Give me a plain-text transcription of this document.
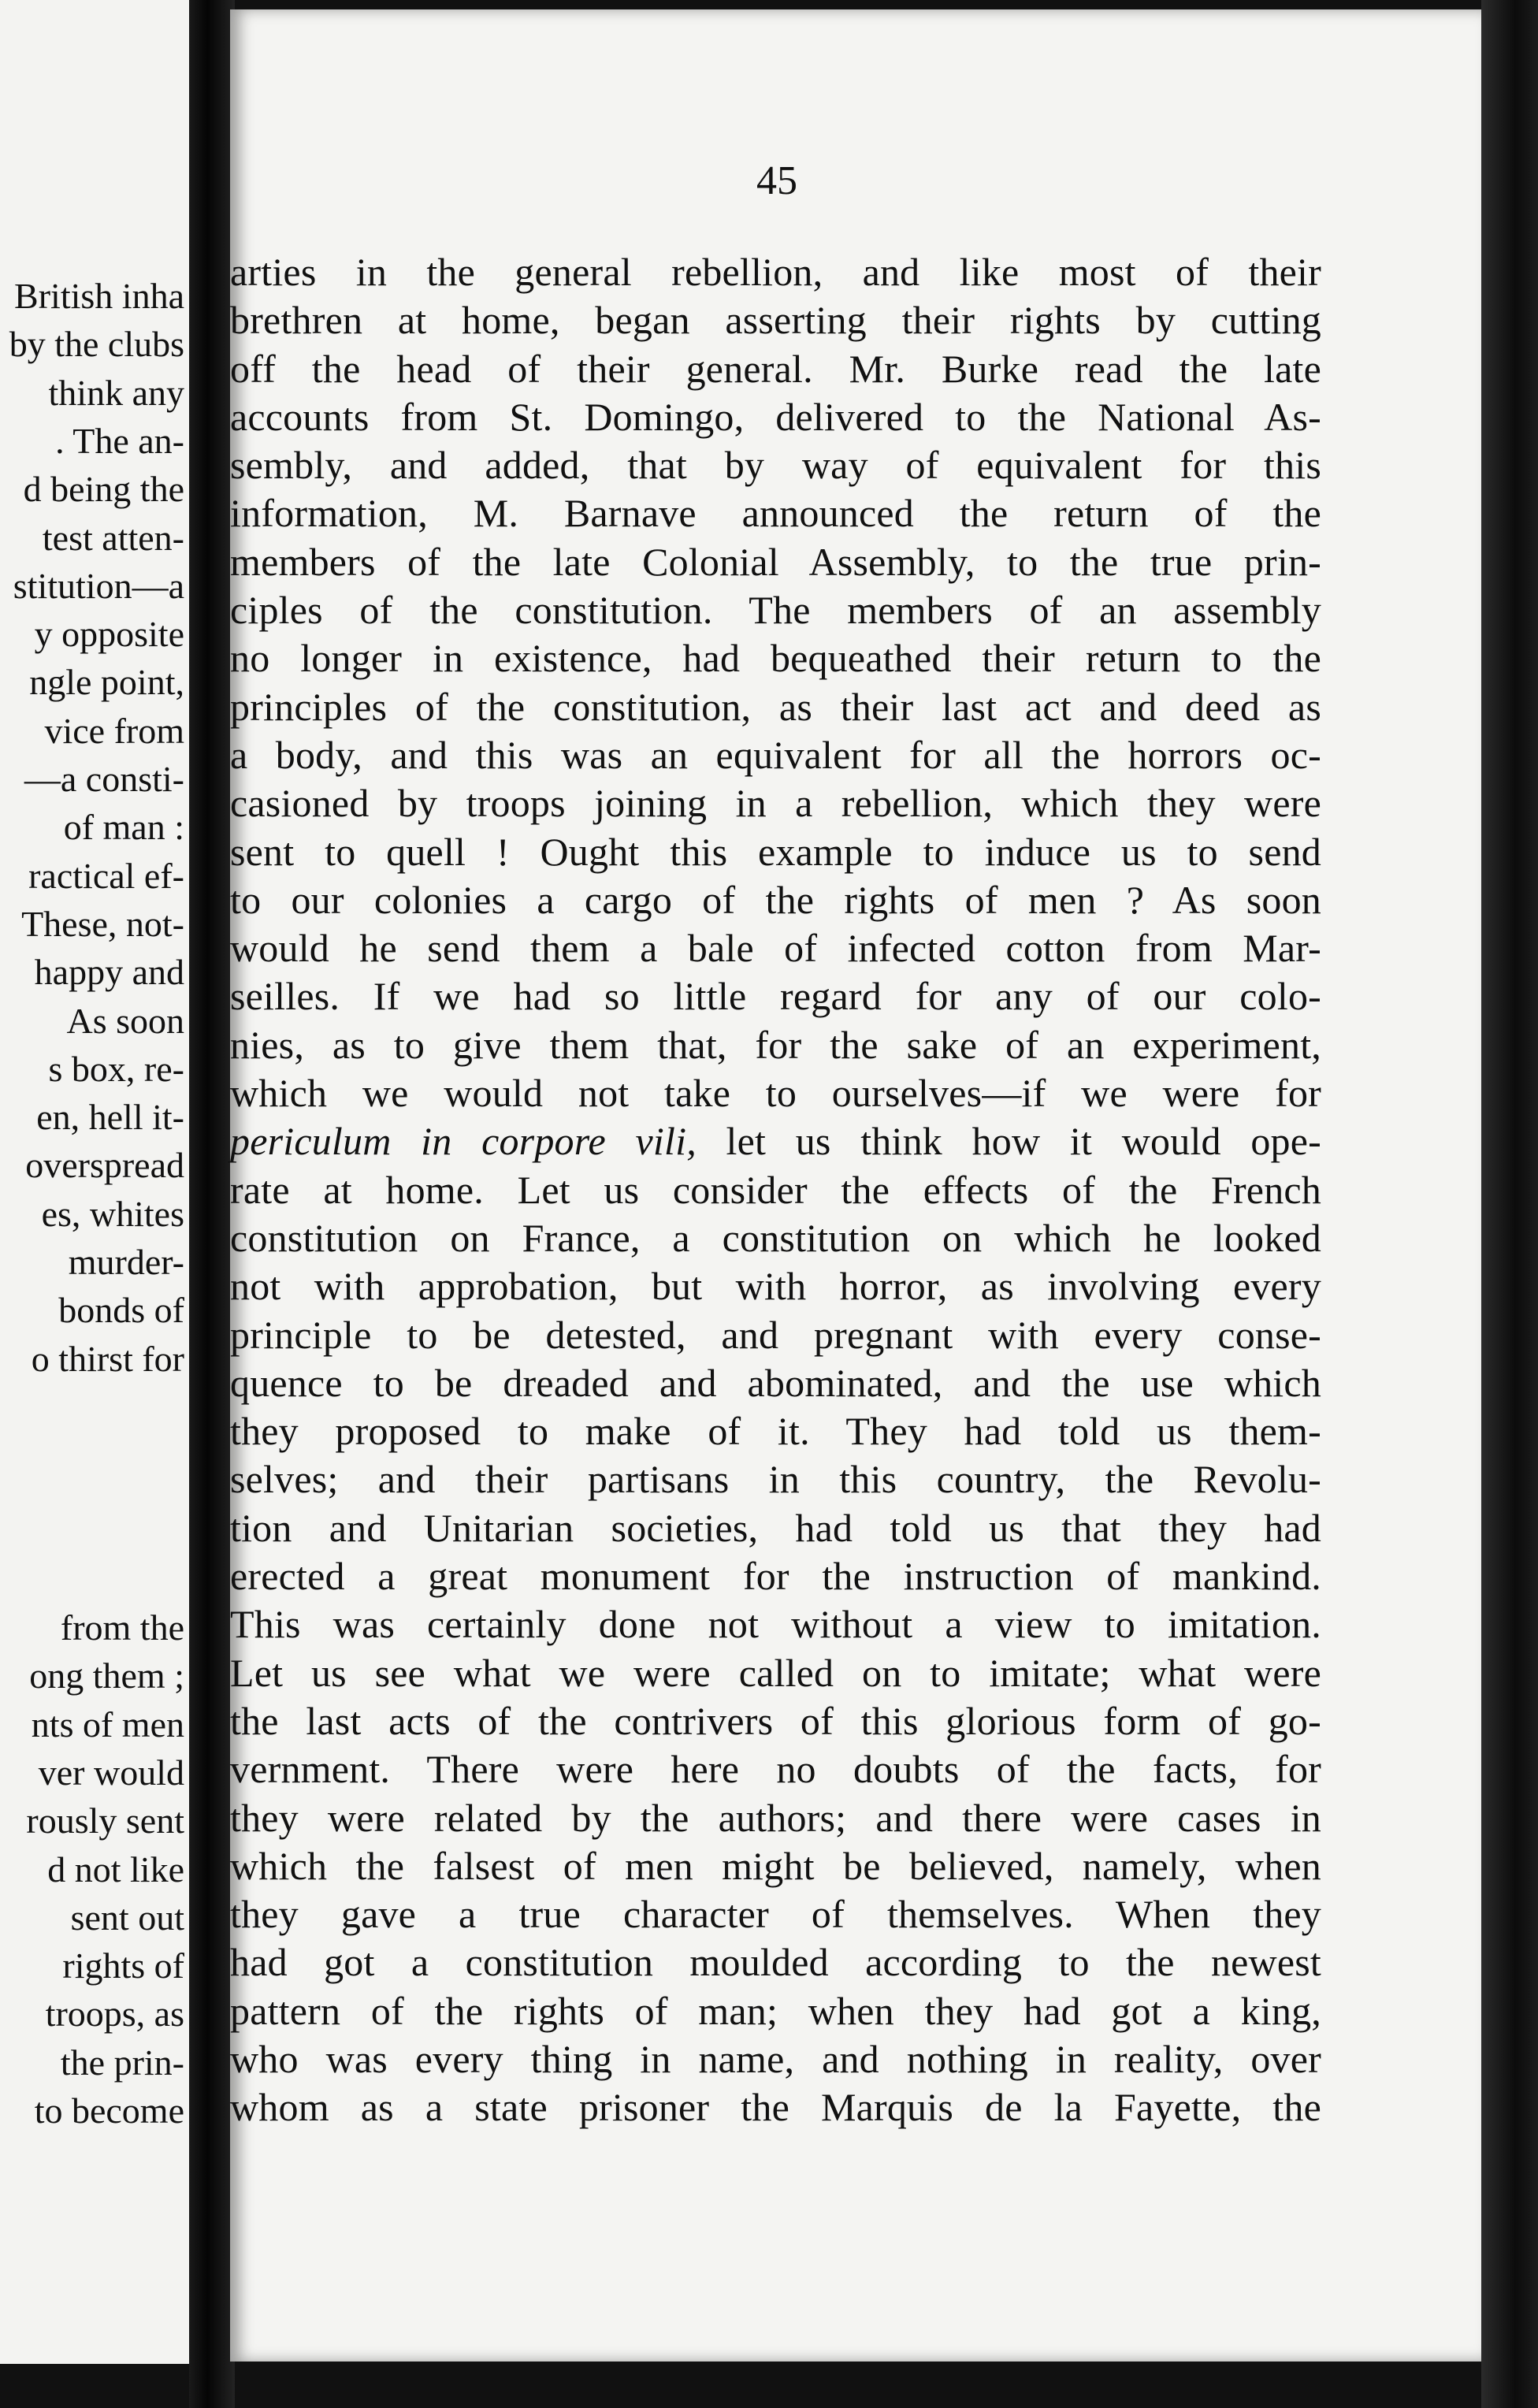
British inha
by the clubs
think any
. The an-
d being the
test atten-
stitution—a
y opposite
ngle point,
vice from
—a consti-
of man :
ractical ef-
These, not-
happy and
As soon
s box, re-
en, hell it-
overspread
es, whites
murder-
bonds of
o thirst for
from the
ong them ;
nts of men
ver would
rously sent
d not like
sent out
rights of
troops, as
the prin-
to become
45
arties in the general rebellion, and like most of their
brethren at home, began asserting their rights by cutting
off the head of their general. Mr. Burke read the late
accounts from St. Domingo, delivered to the National As-
sembly, and added, that by way of equivalent for this
information, M. Barnave announced the return of the
members of the late Colonial Assembly, to the true prin-
ciples of the constitution. The members of an assembly
no longer in existence, had bequeathed their return to the
principles of the constitution, as their last act and deed as
a body, and this was an equivalent for all the horrors oc-
casioned by troops joining in a rebellion, which they were
sent to quell ! Ought this example to induce us to send
to our colonies a cargo of the rights of men ? As soon
would he send them a bale of infected cotton from Mar-
seilles. If we had so little regard for any of our colo-
nies, as to give them that, for the sake of an experiment,
which we would not take to ourselves—if we were for
periculum in corpore vili, let us think how it would ope-
rate at home. Let us consider the effects of the French
constitution on France, a constitution on which he looked
not with approbation, but with horror, as involving every
principle to be detested, and pregnant with every conse-
quence to be dreaded and abominated, and the use which
they proposed to make of it. They had told us them-
selves; and their partisans in this country, the Revolu-
tion and Unitarian societies, had told us that they had
erected a great monument for the instruction of mankind.
This was certainly done not without a view to imitation.
Let us see what we were called on to imitate; what were
the last acts of the contrivers of this glorious form of go-
vernment. There were here no doubts of the facts, for
they were related by the authors; and there were cases in
which the falsest of men might be believed, namely, when
they gave a true character of themselves. When they
had got a constitution moulded according to the newest
pattern of the rights of man; when they had got a king,
who was every thing in name, and nothing in reality, over
whom as a state prisoner the Marquis de la Fayette, the
